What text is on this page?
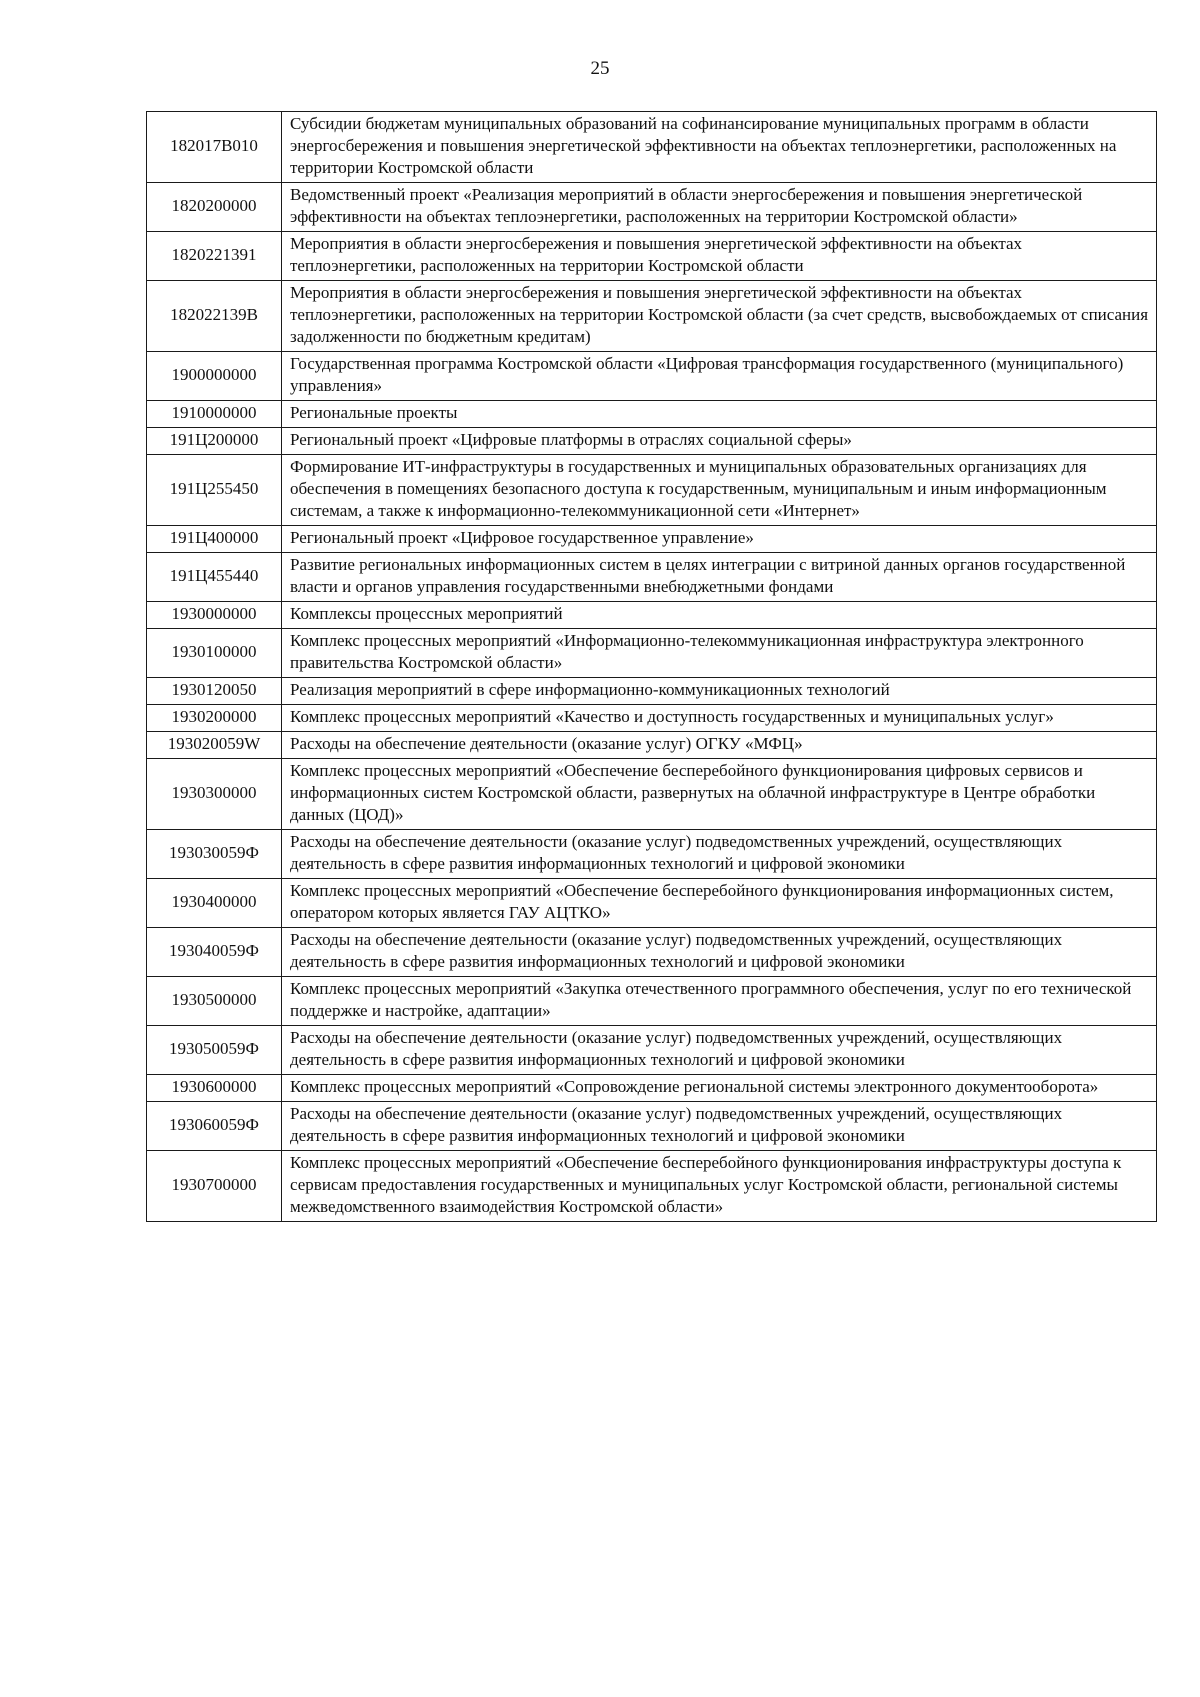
25
182017В010	Субсидии бюджетам муниципальных образований на софинансирование муниципальных программ в области энергосбережения и повышения энергетической эффективности на объектах теплоэнергетики, расположенных на территории Костромской области
1820200000	Ведомственный проект «Реализация мероприятий в области энергосбережения и повышения энергетической эффективности на объектах теплоэнергетики, расположенных на территории Костромской области»
1820221391	Мероприятия в области энергосбережения и повышения энергетической эффективности на объектах теплоэнергетики, расположенных на территории Костромской области
182022139В	Мероприятия в области энергосбережения и повышения энергетической эффективности на объектах теплоэнергетики, расположенных на территории Костромской области (за счет средств, высвобождаемых от списания задолженности по бюджетным кредитам)
1900000000	Государственная программа Костромской области «Цифровая трансформация государственного (муниципального) управления»
1910000000	Региональные проекты
191Ц200000	Региональный проект «Цифровые платформы в отраслях социальной сферы»
191Ц255450	Формирование ИТ-инфраструктуры в государственных и муниципальных образовательных организациях для обеспечения в помещениях безопасного доступа к государственным, муниципальным и иным информационным системам, а также к информационно-телекоммуникационной сети «Интернет»
191Ц400000	Региональный проект «Цифровое государственное управление»
191Ц455440	Развитие региональных информационных систем в целях интеграции с витриной данных органов государственной власти и органов управления государственными внебюджетными фондами
1930000000	Комплексы процессных мероприятий
1930100000	Комплекс процессных мероприятий «Информационно-телекоммуникационная инфраструктура электронного правительства Костромской области»
1930120050	Реализация мероприятий в сфере информационно-коммуникационных технологий
1930200000	Комплекс процессных мероприятий «Качество и доступность государственных и муниципальных услуг»
193020059W	Расходы на обеспечение деятельности (оказание услуг) ОГКУ «МФЦ»
1930300000	Комплекс процессных мероприятий «Обеспечение бесперебойного функционирования цифровых сервисов и информационных систем Костромской области, развернутых на облачной инфраструктуре в Центре обработки данных (ЦОД)»
193030059Ф	Расходы на обеспечение деятельности (оказание услуг) подведомственных учреждений, осуществляющих деятельность в сфере развития информационных технологий и цифровой экономики
1930400000	Комплекс процессных мероприятий «Обеспечение бесперебойного функционирования информационных систем, оператором которых является ГАУ АЦТКО»
193040059Ф	Расходы на обеспечение деятельности (оказание услуг) подведомственных учреждений, осуществляющих деятельность в сфере развития информационных технологий и цифровой экономики
1930500000	Комплекс процессных мероприятий «Закупка отечественного программного обеспечения, услуг по его технической поддержке и настройке, адаптации»
193050059Ф	Расходы на обеспечение деятельности (оказание услуг) подведомственных учреждений, осуществляющих деятельность в сфере развития информационных технологий и цифровой экономики
1930600000	Комплекс процессных мероприятий «Сопровождение региональной системы электронного документооборота»
193060059Ф	Расходы на обеспечение деятельности (оказание услуг) подведомственных учреждений, осуществляющих деятельность в сфере развития информационных технологий и цифровой экономики
1930700000	Комплекс процессных мероприятий «Обеспечение бесперебойного функционирования инфраструктуры доступа к сервисам предоставления государственных и муниципальных услуг Костромской области, региональной системы межведомственного взаимодействия Костромской области»
